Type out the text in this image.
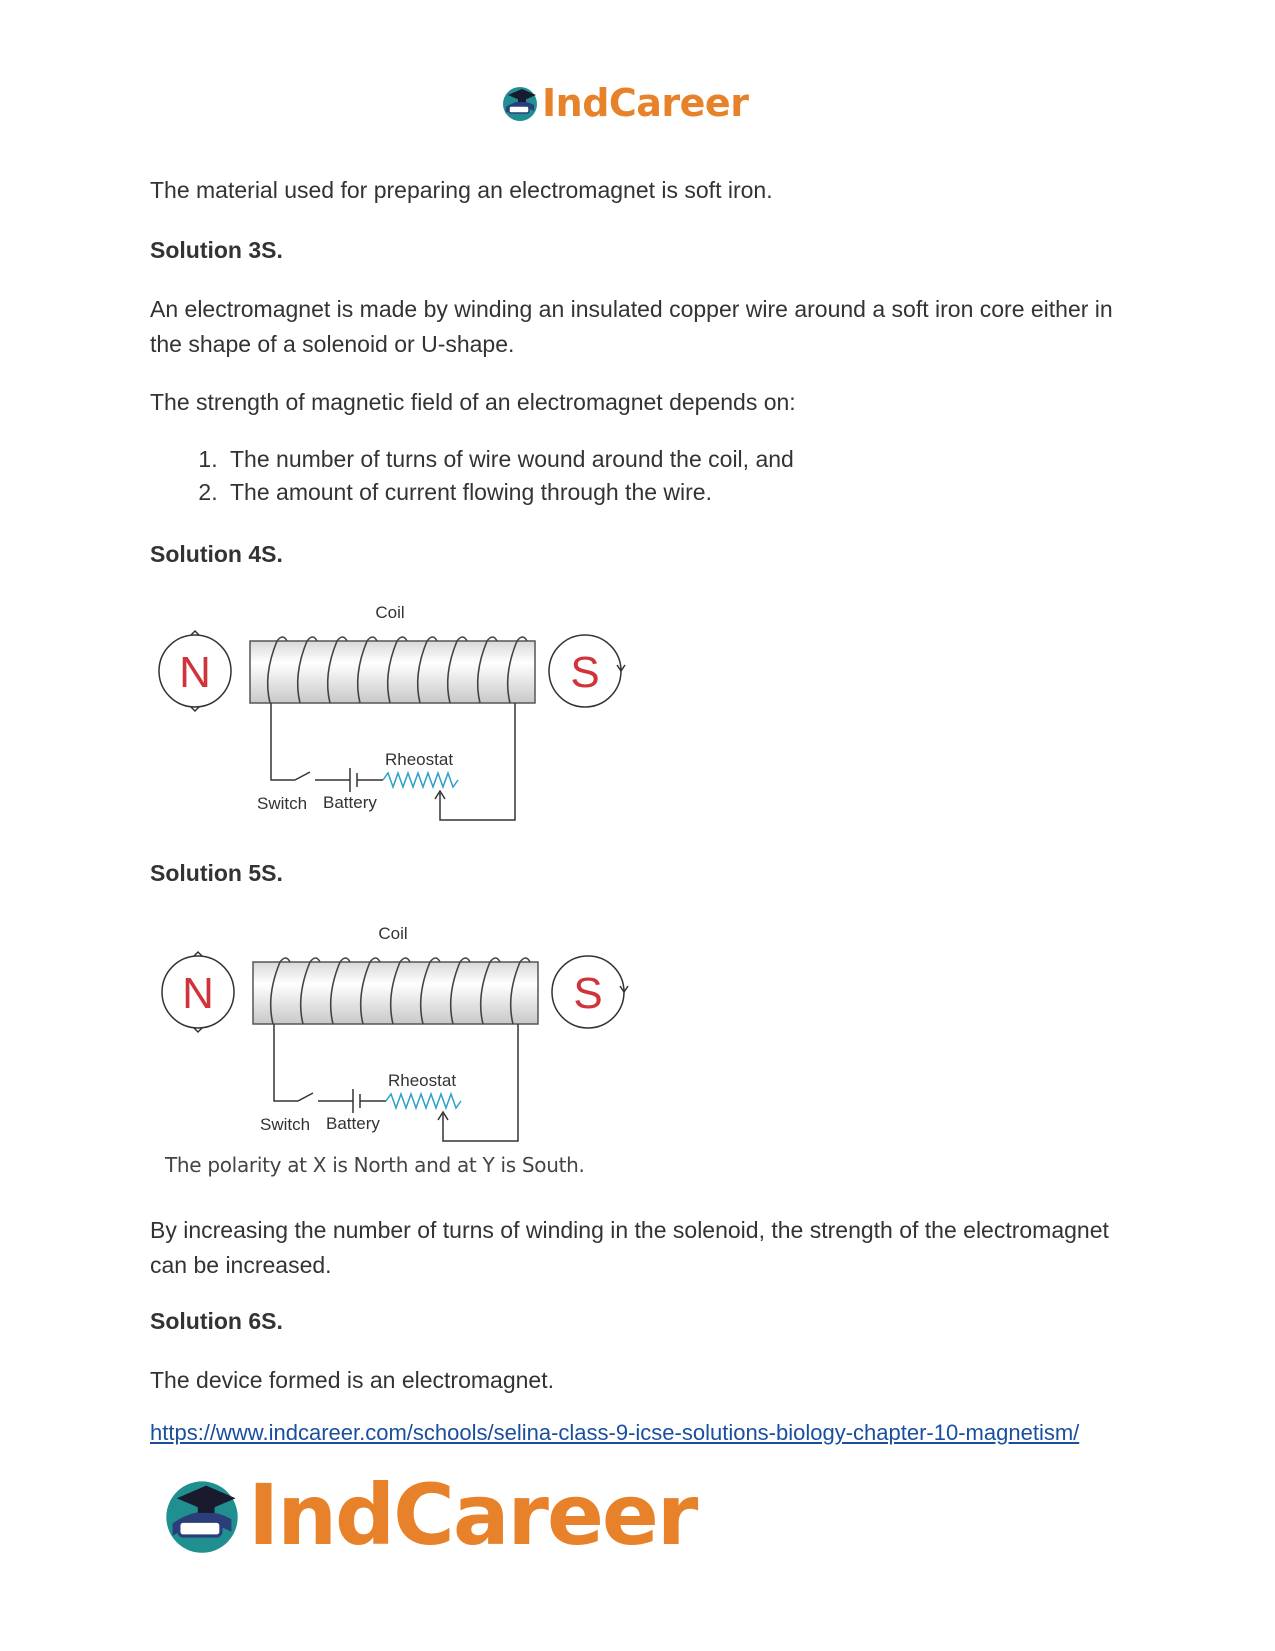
IndCareer

The material used for preparing an electromagnet is soft iron.

Solution 3S.

An electromagnet is made by winding an insulated copper wire around a soft iron core either in the shape of a solenoid or U-shape.

The strength of magnetic field of an electromagnet depends on:

1. The number of turns of wire wound around the coil, and
2. The amount of current flowing through the wire.
Solution 4S.
Coil
N	S
Rheostat
Switch Battery
Solution 5S.
Coil
N	S
Rheostat
Switch Battery
The polarity at X is North and at Y is South.

By increasing the number of turns of winding in the solenoid, the strength of the electromagnet can be increased.

Solution 6S.

The device formed is an electromagnet.

https://www.indcareer.com/schools/selina-class-9-icse-solutions-biology-chapter-10-magnetism/
IndCareer
